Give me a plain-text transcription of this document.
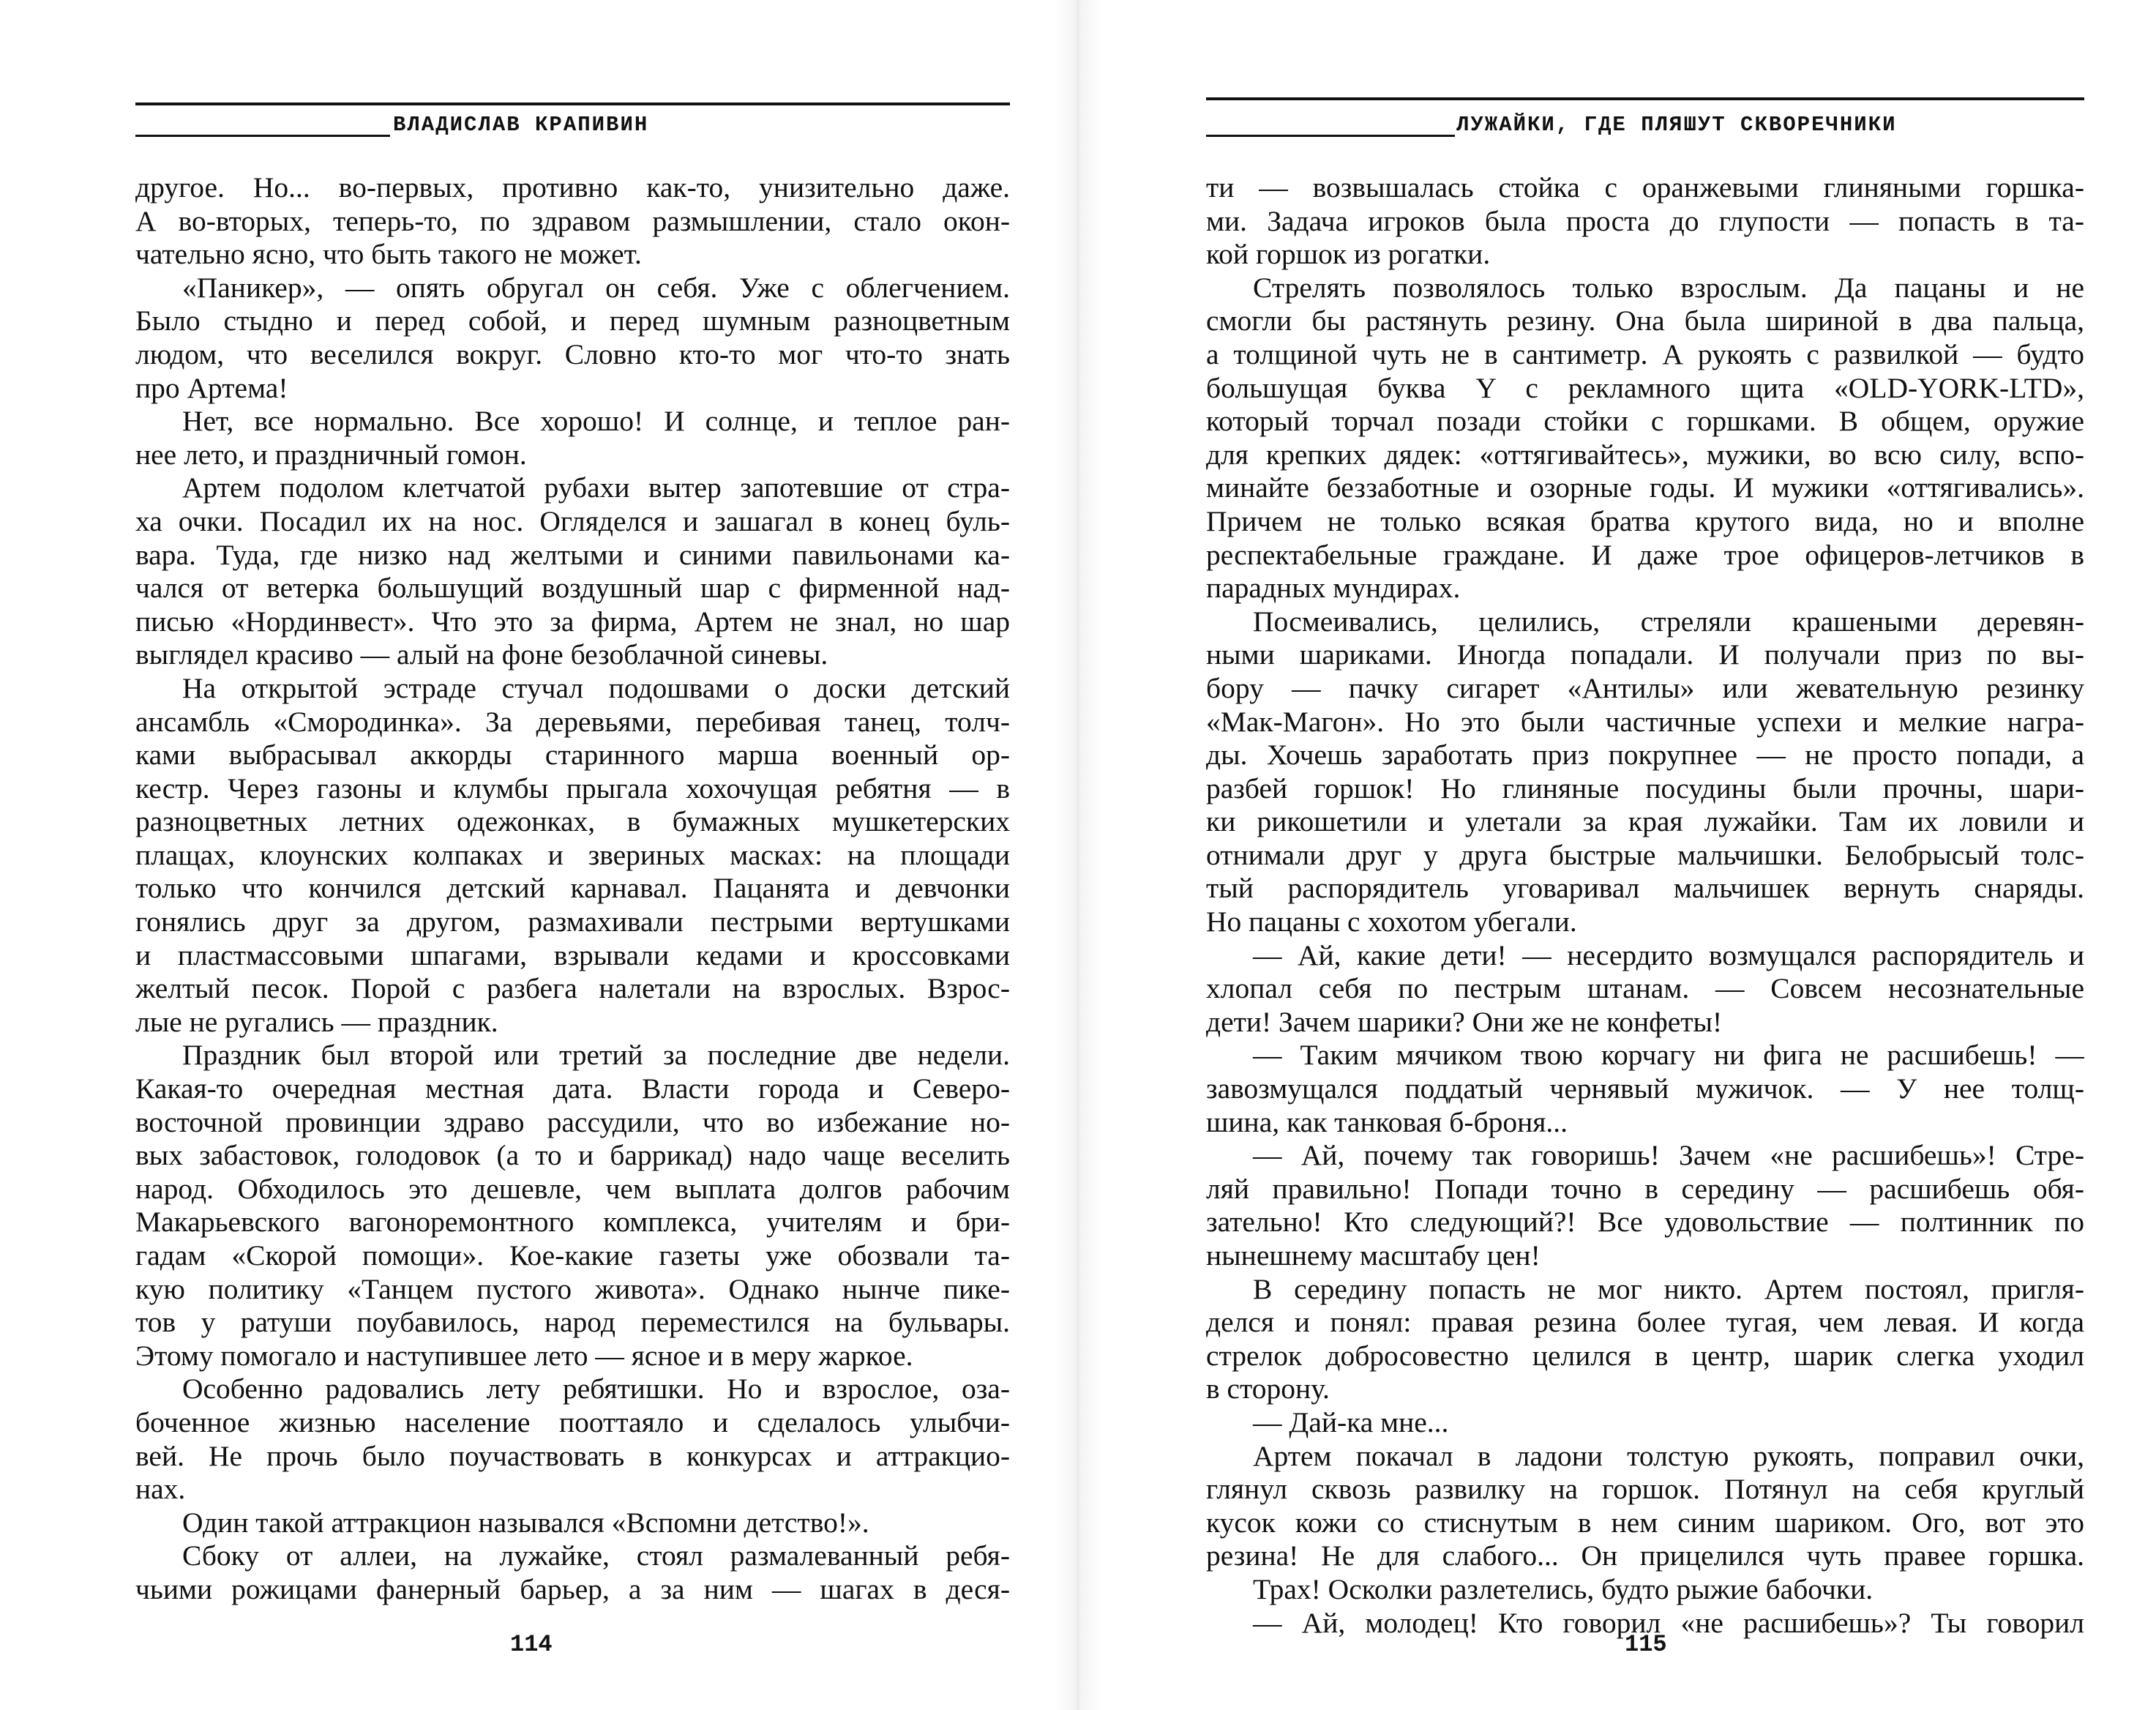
ВЛАДИСЛАВ КРАПИВИН
другое. Но... во-первых, противно как-то, унизительно даже.
А во-вторых, теперь-то, по здравом размышлении, стало окон-
чательно ясно, что быть такого не может.
«Паникер», — опять обругал он себя. Уже с облегчением.
Было стыдно и перед собой, и перед шумным разноцветным
людом, что веселился вокруг. Словно кто-то мог что-то знать
про Артема!
Нет, все нормально. Все хорошо! И солнце, и теплое ран-
нее лето, и праздничный гомон.
Артем подолом клетчатой рубахи вытер запотевшие от стра-
ха очки. Посадил их на нос. Огляделся и зашагал в конец буль-
вара. Туда, где низко над желтыми и синими павильонами ка-
чался от ветерка большущий воздушный шар с фирменной над-
писью «Нординвест». Что это за фирма, Артем не знал, но шар
выглядел красиво — алый на фоне безоблачной синевы.
На открытой эстраде стучал подошвами о доски детский
ансамбль «Смородинка». За деревьями, перебивая танец, толч-
ками выбрасывал аккорды старинного марша военный ор-
кестр. Через газоны и клумбы прыгала хохочущая ребятня — в
разноцветных летних одежонках, в бумажных мушкетерских
плащах, клоунских колпаках и звериных масках: на площади
только что кончился детский карнавал. Пацанята и девчонки
гонялись друг за другом, размахивали пестрыми вертушками
и пластмассовыми шпагами, взрывали кедами и кроссовками
желтый песок. Порой с разбега налетали на взрослых. Взрос-
лые не ругались — праздник.
Праздник был второй или третий за последние две недели.
Какая-то очередная местная дата. Власти города и Северо-
восточной провинции здраво рассудили, что во избежание но-
вых забастовок, голодовок (а то и баррикад) надо чаще веселить
народ. Обходилось это дешевле, чем выплата долгов рабочим
Макарьевского вагоноремонтного комплекса, учителям и бри-
гадам «Скорой помощи». Кое-какие газеты уже обозвали та-
кую политику «Танцем пустого живота». Однако нынче пике-
тов у ратуши поубавилось, народ переместился на бульвары.
Этому помогало и наступившее лето — ясное и в меру жаркое.
Особенно радовались лету ребятишки. Но и взрослое, оза-
боченное жизнью население пооттаяло и сделалось улыбчи-
вей. Не прочь было поучаствовать в конкурсах и аттракцио-
нах.
Один такой аттракцион назывался «Вспомни детство!».
Сбоку от аллеи, на лужайке, стоял размалеванный ребя-
чьими рожицами фанерный барьер, а за ним — шагах в деся-
114
ЛУЖАЙКИ, ГДЕ ПЛЯШУТ СКВОРЕЧНИКИ
ти — возвышалась стойка с оранжевыми глиняными горшка-
ми. Задача игроков была проста до глупости — попасть в та-
кой горшок из рогатки.
Стрелять позволялось только взрослым. Да пацаны и не
смогли бы растянуть резину. Она была шириной в два пальца,
а толщиной чуть не в сантиметр. А рукоять с развилкой — будто
большущая буква Y с рекламного щита «OLD-YORK-LTD»,
который торчал позади стойки с горшками. В общем, оружие
для крепких дядек: «оттягивайтесь», мужики, во всю силу, вспо-
минайте беззаботные и озорные годы. И мужики «оттягивались».
Причем не только всякая братва крутого вида, но и вполне
респектабельные граждане. И даже трое офицеров-летчиков в
парадных мундирах.
Посмеивались, целились, стреляли крашеными деревян-
ными шариками. Иногда попадали. И получали приз по вы-
бору — пачку сигарет «Антилы» или жевательную резинку
«Мак-Магон». Но это были частичные успехи и мелкие награ-
ды. Хочешь заработать приз покрупнее — не просто попади, а
разбей горшок! Но глиняные посудины были прочны, шари-
ки рикошетили и улетали за края лужайки. Там их ловили и
отнимали друг у друга быстрые мальчишки. Белобрысый толс-
тый распорядитель уговаривал мальчишек вернуть снаряды.
Но пацаны с хохотом убегали.
— Ай, какие дети! — несердито возмущался распорядитель и
хлопал себя по пестрым штанам. — Совсем несознательные
дети! Зачем шарики? Они же не конфеты!
— Таким мячиком твою корчагу ни фига не расшибешь! —
завозмущался поддатый чернявый мужичок. — У нее толщ-
шина, как танковая б-броня...
— Ай, почему так говоришь! Зачем «не расшибешь»! Стре-
ляй правильно! Попади точно в середину — расшибешь обя-
зательно! Кто следующий?! Все удовольствие — полтинник по
нынешнему масштабу цен!
В середину попасть не мог никто. Артем постоял, пригля-
делся и понял: правая резина более тугая, чем левая. И когда
стрелок добросовестно целился в центр, шарик слегка уходил
в сторону.
— Дай-ка мне...
Артем покачал в ладони толстую рукоять, поправил очки,
глянул сквозь развилку на горшок. Потянул на себя круглый
кусок кожи со стиснутым в нем синим шариком. Ого, вот это
резина! Не для слабого... Он прицелился чуть правее горшка.
Трах! Осколки разлетелись, будто рыжие бабочки.
— Ай, молодец! Кто говорил «не расшибешь»? Ты говорил
115
